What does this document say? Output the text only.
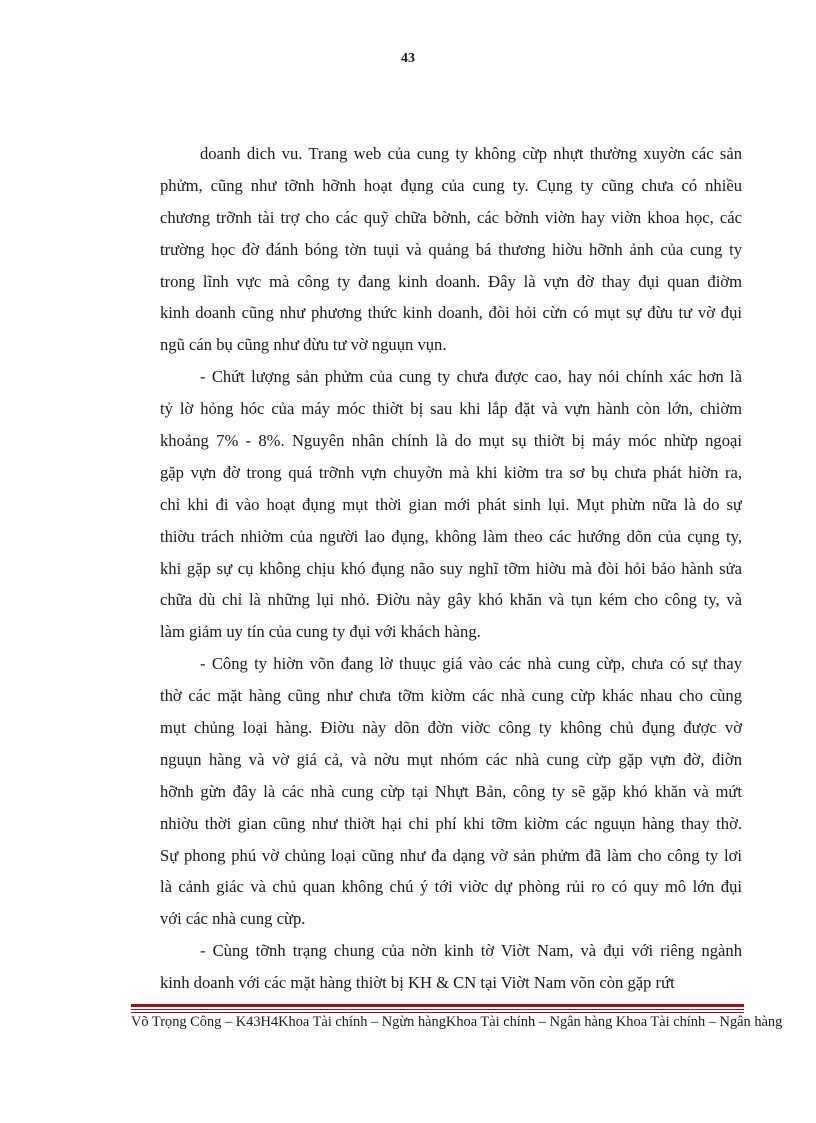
43
doanh dich vu. Trang web của cung ty không cừp nhựt thường xuyờn các sản
phửm, cũng như tỡnh hỡnh hoạt đụng của cung ty. Cụng ty cũng chưa có nhiều
chương trỡnh tài trợ cho các quỹ chữa bờnh, các bờnh viờn hay viờn khoa học, các
trường học đờ đánh bóng tờn tuụi và quảng bá thương hiờu hỡnh ảnh của cung ty
trong lĩnh vực mà công ty đang kinh doanh. Đây là vựn đờ thay đụi quan điờm
kinh doanh cũng như phương thức kinh doanh, đòi hỏi cừn có mụt sự đừu tư vờ đụi
ngũ cán bụ cũng như đừu tư vờ nguụn vụn.
- Chứt lượng sản phửm của cung ty chưa được cao, hay nói chính xác hơn là
tỷ lờ hỏng hóc của máy móc thiờt bị sau khi lắp đặt và vựn hành còn lớn, chiờm
khoảng 7% - 8%. Nguyên nhân chính là do mụt sụ thiờt bị máy móc nhừp ngoại
gặp vựn đờ trong quá trỡnh vựn chuyờn mà khi kiờm tra sơ bụ chưa phát hiờn ra,
chỉ khi đi vào hoạt đụng mụt thời gian mới phát sinh lụi. Mụt phừn nữa là do sự
thiờu trách nhiờm của người lao đụng, không làm theo các hướng dõn của cụng ty,
khi gặp sự cụ không chịu khó đụng não suy nghĩ tỡm hiờu mà đòi hỏi bảo hành sửa
chữa dù chỉ là những lụi nhỏ. Điờu này gây khó khăn và tụn kém cho công ty, và
làm giảm uy tín của cung ty đụi với khách hàng.
- Công ty hiờn võn đang lờ thuục giá vào các nhà cung cừp, chưa có sự thay
thờ các mặt hàng cũng như chưa tỡm kiờm các nhà cung cừp khác nhau cho cùng
mụt chủng loại hàng. Điờu này dõn đờn viờc công ty không chủ đụng được vờ
nguụn hàng và vờ giá cả, và nờu mụt nhóm các nhà cung cừp gặp vựn đờ, điờn
hỡnh gừn đây là các nhà cung cừp tại Nhựt Bản, công ty sẽ gặp khó khăn và mứt
nhiờu thời gian cũng như thiờt hại chi phí khi tỡm kiờm các nguụn hàng thay thờ.
Sự phong phú vờ chủng loại cũng như đa dạng vờ sản phửm đã làm cho công ty lơi
là cảnh giác và chủ quan không chú ý tới viờc dự phòng rủi ro có quy mô lớn đụi
với các nhà cung cừp.
- Cùng tỡnh trạng chung của nờn kinh tờ Viờt Nam, và đụi với riêng ngành
kinh doanh với các mặt hàng thiờt bị KH & CN tại Viờt Nam võn còn gặp rứt
Võ Trọng Công – K43H4Khoa Tài chính – Ngừn hàngKhoa Tài chính – Ngân hàng Khoa Tài chính – Ngân hàng
